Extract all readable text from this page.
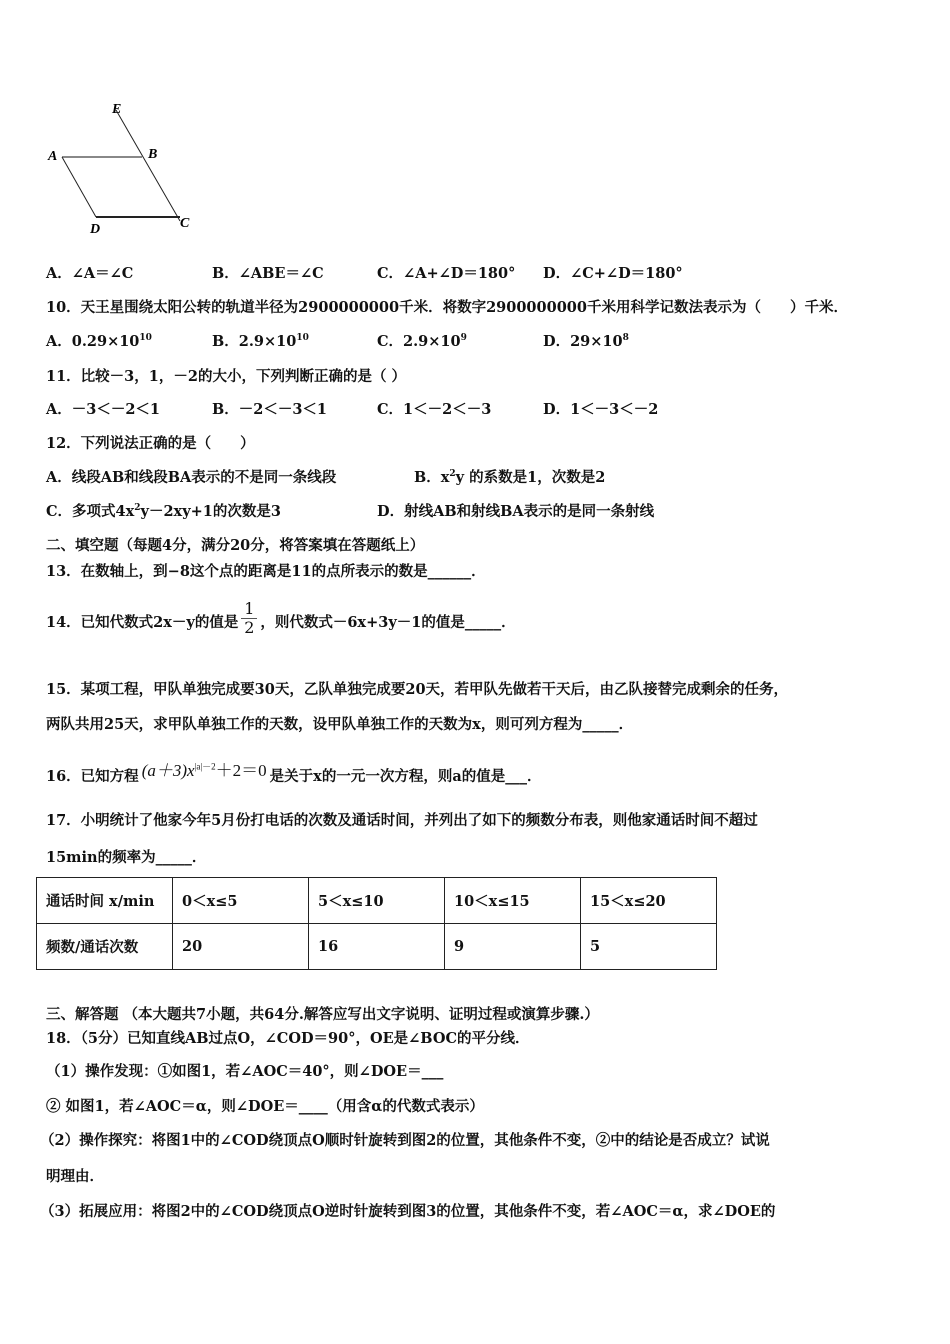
E
A	B
C
D
A．∠A＝∠C	B．∠ABE＝∠C	C．∠A+∠D＝180° D．∠C+∠D＝180°
10．天王星围绕太阳公转的轨道半径为2900000000千米．将数字2900000000千米用科学记数法表示为（　　）千米．
A．$0.29\times 10^{10}$	B．$2.9\times 10^{10}$	C．$2.9\times 10^9$	D．$29\times 10^8$
11．比较－3，1，－2的大小，下列判断正确的是（ ）
A．－3＜－2＜1	B．－2＜－3＜1	C．1＜－2＜－3	D．1＜－3＜－2
12．下列说法正确的是（　　）
A．线段AB和线段BA表示的不是同一条线段	B．$x^2y$ 的系数是1，次数是2
C．多项式$4x^2y-2xy+1$的次数是3	D．射线AB和射线BA表示的是同一条射线
二、填空题（每题4分，满分20分，将答案填在答题纸上）
13．在数轴上，到−8这个点的距离是11的点所表示的数是______．
14．已知代数式2x－y的值是 $\frac{1}{2}$ ，则代数式－6x+3y－1的值是_____．
15．某项工程，甲队单独完成要30天，乙队单独完成要20天，若甲队先做若干天后，由乙队接替完成剩余的任务，
两队共用25天，求甲队单独工作的天数，设甲队单独工作的天数为x，则可列方程为_____．
16．已知方程 $(a+3)x^{|a|-2}+2=0$ 是关于x的一元一次方程，则a的值是___．
17．小明统计了他家今年5月份打电话的次数及通话时间，并列出了如下的频数分布表，则他家通话时间不超过
15min的频率为_____．
通话时间 x/min	0＜x≤5	5＜x≤10	10＜x≤15	15＜x≤20
频数/通话次数	20	16	9	5
三、解答题 （本大题共7小题，共64分.解答应写出文字说明、证明过程或演算步骤.）
18．（5分）已知直线AB过点O，∠COD＝90°，OE是∠BOC的平分线．
（1）操作发现：①如图1，若∠AOC＝40°，则∠DOE＝___
② 如图1，若∠AOC＝α，则∠DOE＝____（用含α的代数式表示）
（2）操作探究：将图1中的∠COD绕顶点O顺时针旋转到图2的位置，其他条件不变，②中的结论是否成立？试说
明理由．
（3）拓展应用：将图2中的∠COD绕顶点O逆时针旋转到图3的位置，其他条件不变，若∠AOC＝α，求∠DOE的
